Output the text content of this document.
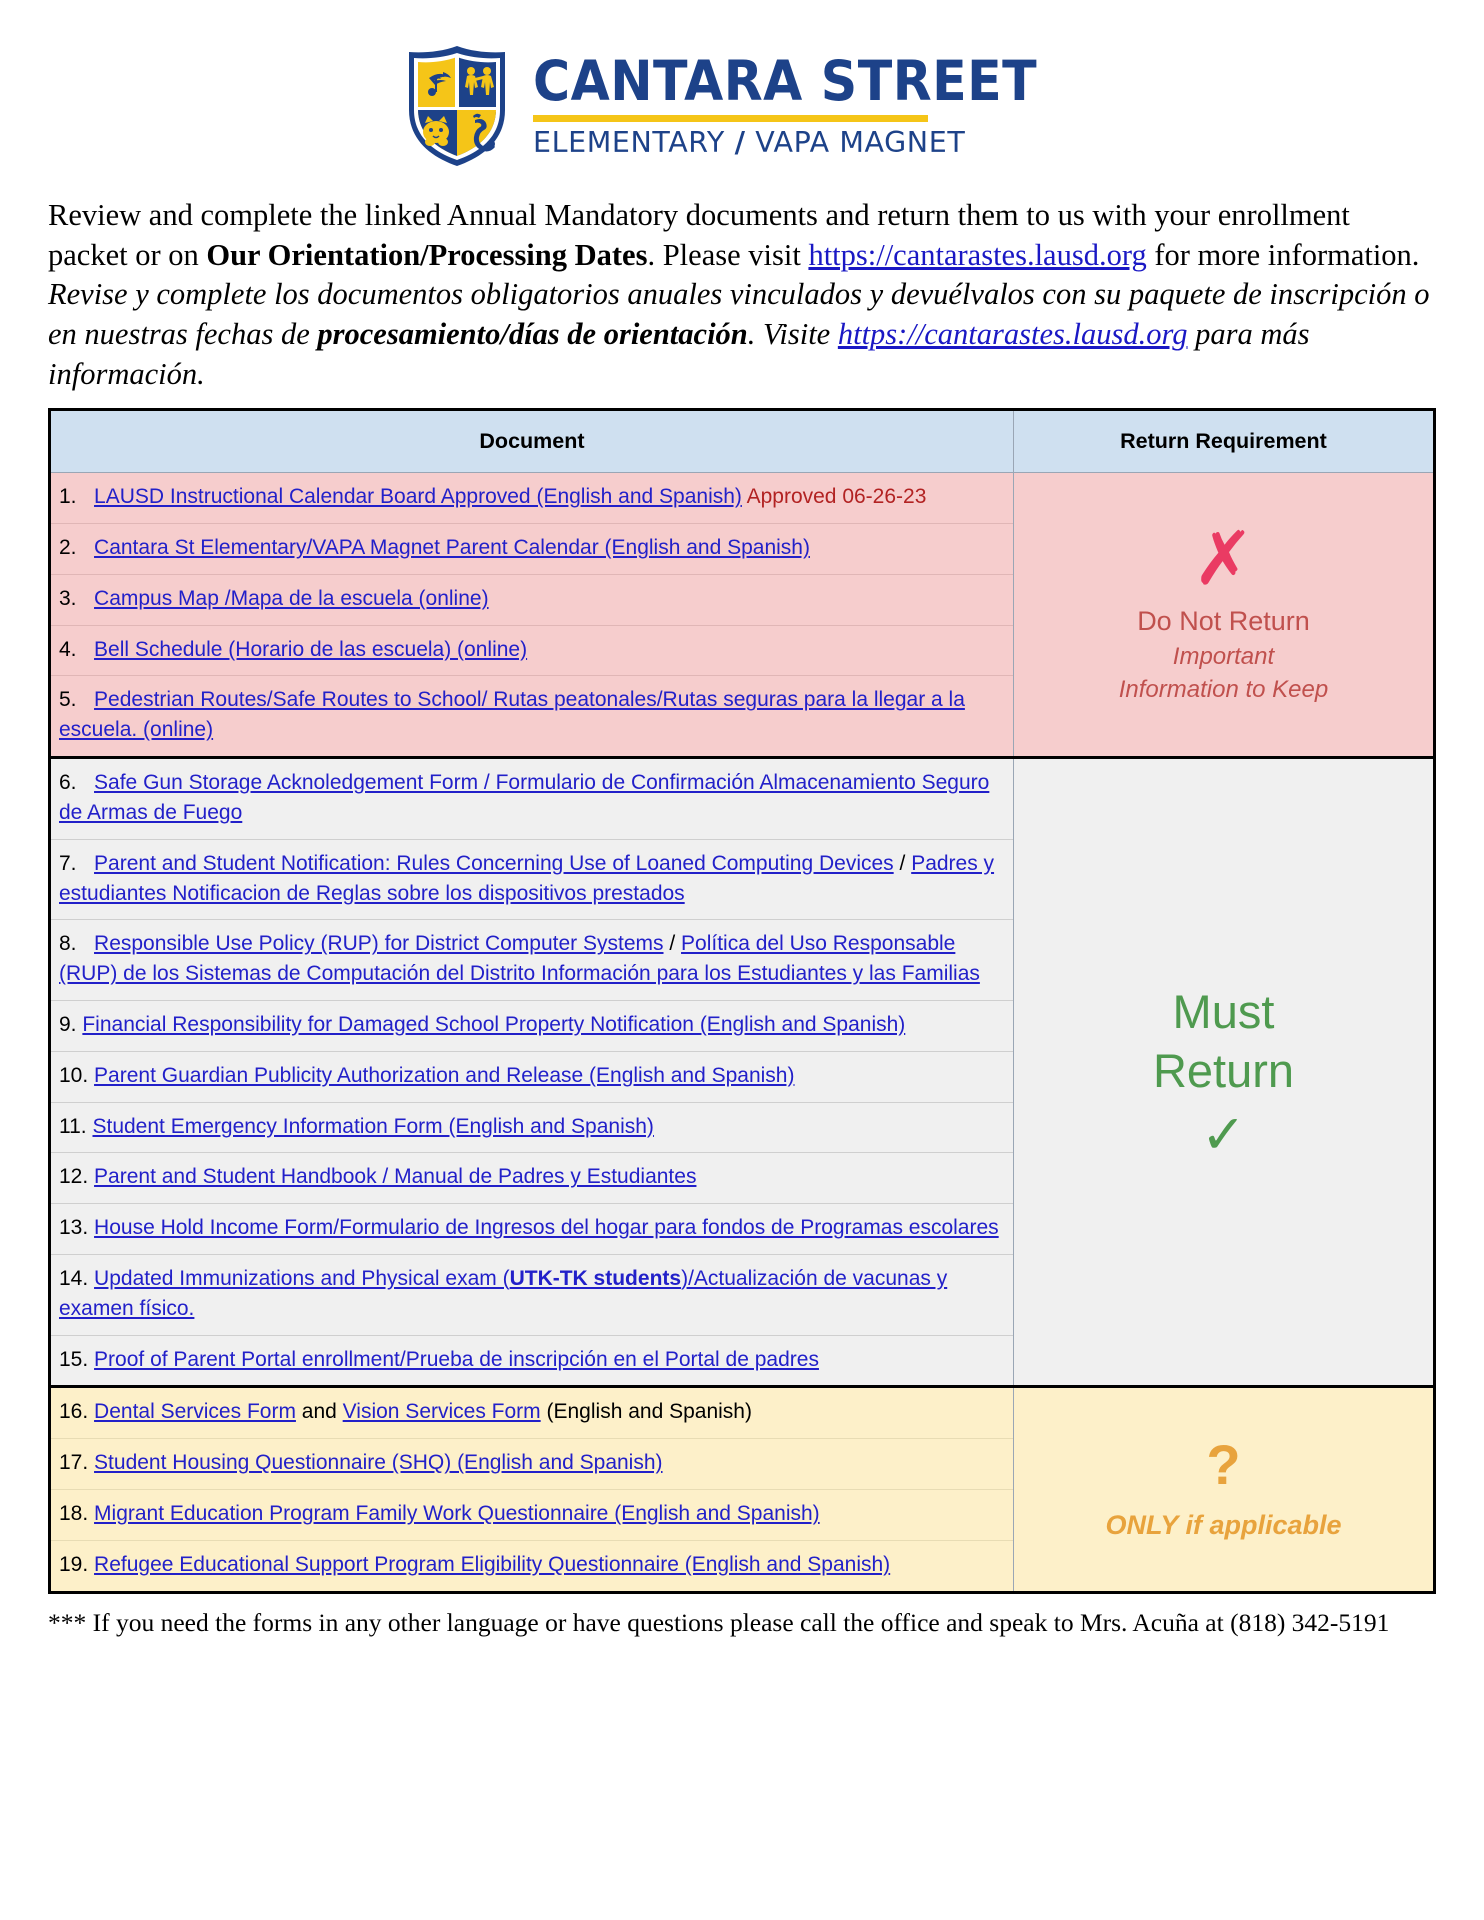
CANTARA STREET
ELEMENTARY / VAPA MAGNET

Review and complete the linked Annual Mandatory documents and return them to us with your enrollment packet or on Our Orientation/Processing Dates. Please visit https://cantarastes.lausd.org for more information. Revise y complete los documentos obligatorios anuales vinculados y devuélvalos con su paquete de inscripción o en nuestras fechas de procesamiento/días de orientación. Visite https://cantarastes.lausd.org para más información.

Document	Return Requirement

1. LAUSD Instructional Calendar Board Approved (English and Spanish) Approved 06-26-23
2. Cantara St Elementary/VAPA Magnet Parent Calendar (English and Spanish)
3. Campus Map /Mapa de la escuela (online)
4. Bell Schedule (Horario de las escuela) (online)
5. Pedestrian Routes/Safe Routes to School/ Rutas peatonales/Rutas seguras para la llegar a la escuela. (online)

✗
Do Not Return
Important
Information to Keep

6. Safe Gun Storage Acknoledgement Form / Formulario de Confirmación Almacenamiento Seguro de Armas de Fuego
7. Parent and Student Notification: Rules Concerning Use of Loaned Computing Devices / Padres y estudiantes Notificacion de Reglas sobre los dispositivos prestados
8. Responsible Use Policy (RUP) for District Computer Systems / Política del Uso Responsable (RUP) de los Sistemas de Computación del Distrito Información para los Estudiantes y las Familias
9. Financial Responsibility for Damaged School Property Notification (English and Spanish)
10. Parent Guardian Publicity Authorization and Release (English and Spanish)
11. Student Emergency Information Form (English and Spanish)
12. Parent and Student Handbook / Manual de Padres y Estudiantes
13. House Hold Income Form/Formulario de Ingresos del hogar para fondos de Programas escolares
14. Updated Immunizations and Physical exam (UTK-TK students)/Actualización de vacunas y examen físico.
15. Proof of Parent Portal enrollment/Prueba de inscripción en el Portal de padres

Must
Return
✓

16. Dental Services Form and Vision Services Form (English and Spanish)
17. Student Housing Questionnaire (SHQ) (English and Spanish)
18. Migrant Education Program Family Work Questionnaire (English and Spanish)
19. Refugee Educational Support Program Eligibility Questionnaire (English and Spanish)

?
ONLY if applicable
*** If you need the forms in any other language or have questions please call the office and speak to Mrs. Acuña at (818) 342-5191
